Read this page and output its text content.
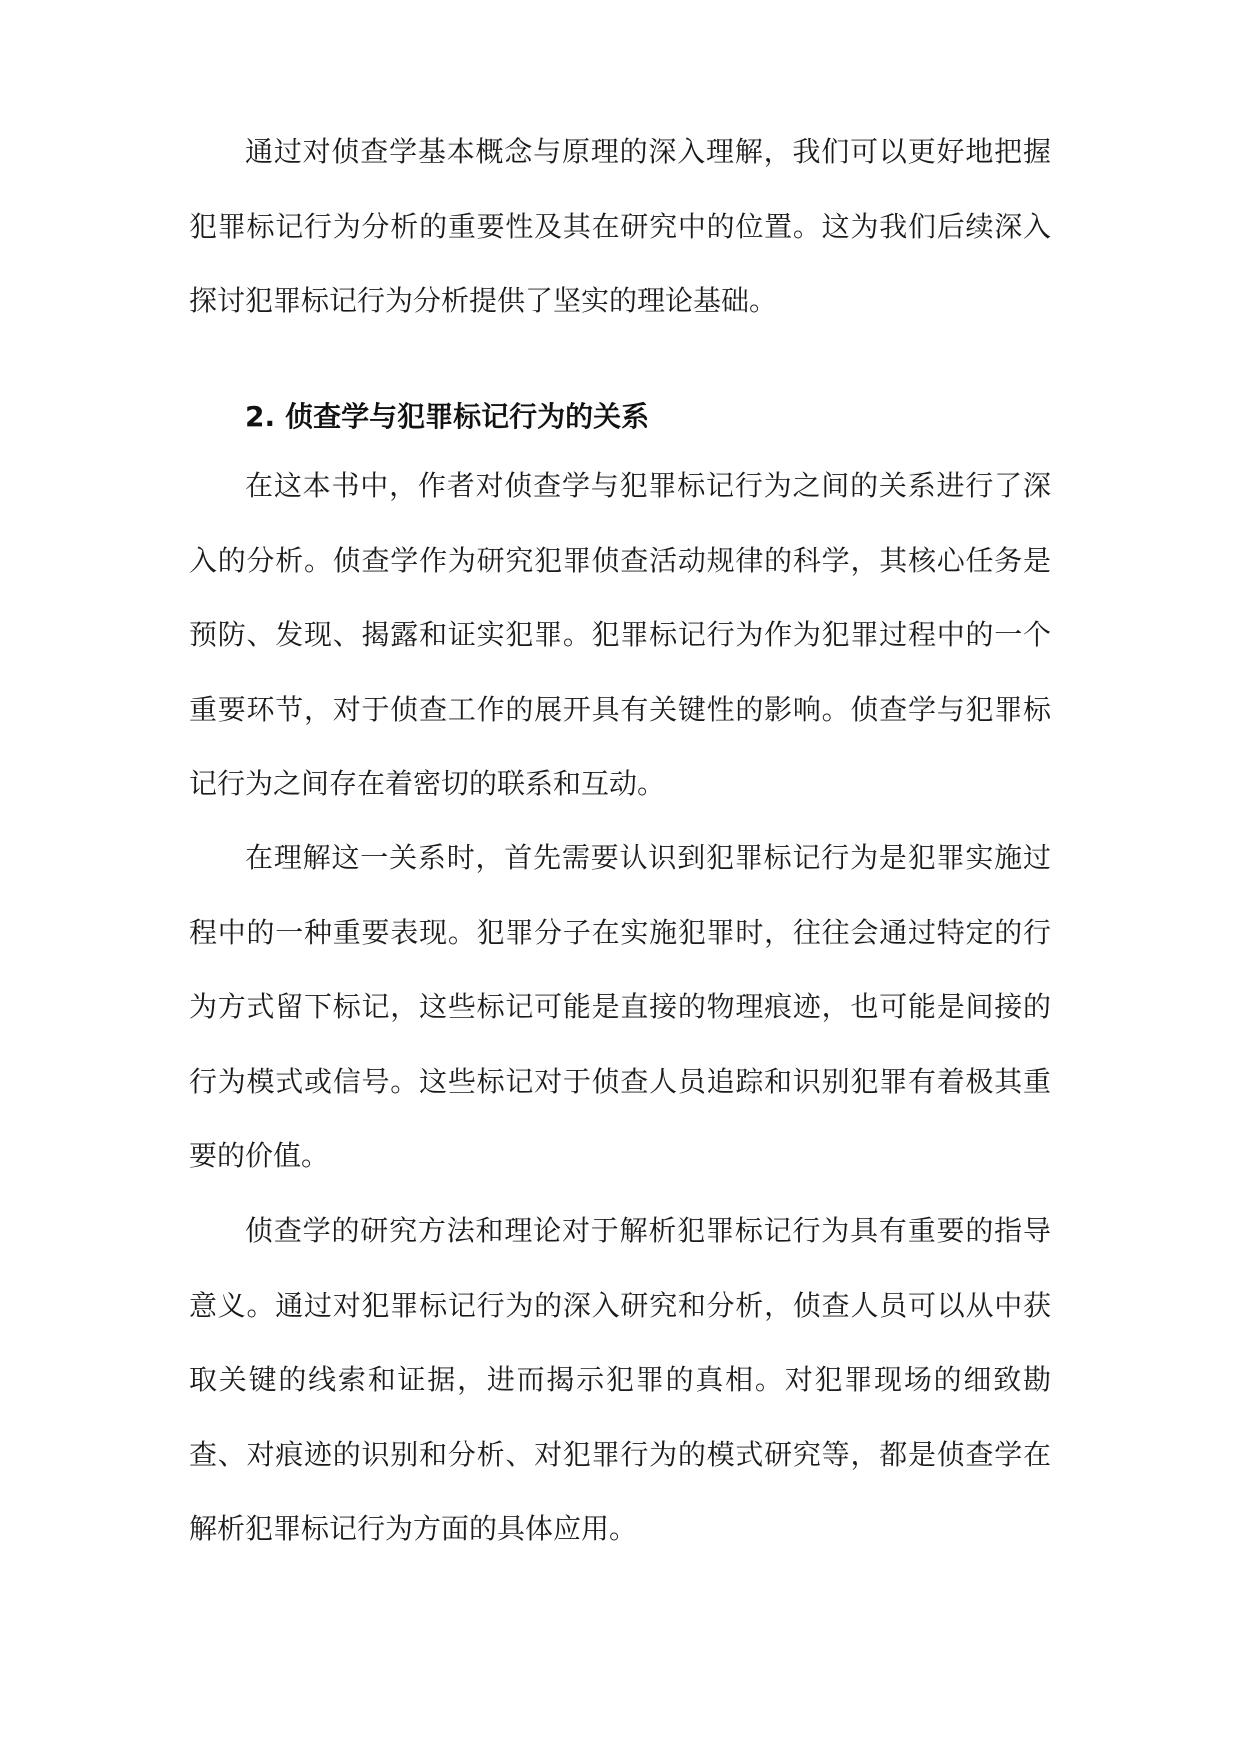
通过对侦查学基本概念与原理的深入理解，我们可以更好地把握犯罪标记行为分析的重要性及其在研究中的位置。这为我们后续深入探讨犯罪标记行为分析提供了坚实的理论基础。

2. 侦查学与犯罪标记行为的关系

在这本书中，作者对侦查学与犯罪标记行为之间的关系进行了深入的分析。侦查学作为研究犯罪侦查活动规律的科学，其核心任务是预防、发现、揭露和证实犯罪。犯罪标记行为作为犯罪过程中的一个重要环节，对于侦查工作的展开具有关键性的影响。侦查学与犯罪标记行为之间存在着密切的联系和互动。

在理解这一关系时，首先需要认识到犯罪标记行为是犯罪实施过程中的一种重要表现。犯罪分子在实施犯罪时，往往会通过特定的行为方式留下标记，这些标记可能是直接的物理痕迹，也可能是间接的行为模式或信号。这些标记对于侦查人员追踪和识别犯罪有着极其重要的价值。

侦查学的研究方法和理论对于解析犯罪标记行为具有重要的指导意义。通过对犯罪标记行为的深入研究和分析，侦查人员可以从中获取关键的线索和证据，进而揭示犯罪的真相。对犯罪现场的细致勘查、对痕迹的识别和分析、对犯罪行为的模式研究等，都是侦查学在解析犯罪标记行为方面的具体应用。
